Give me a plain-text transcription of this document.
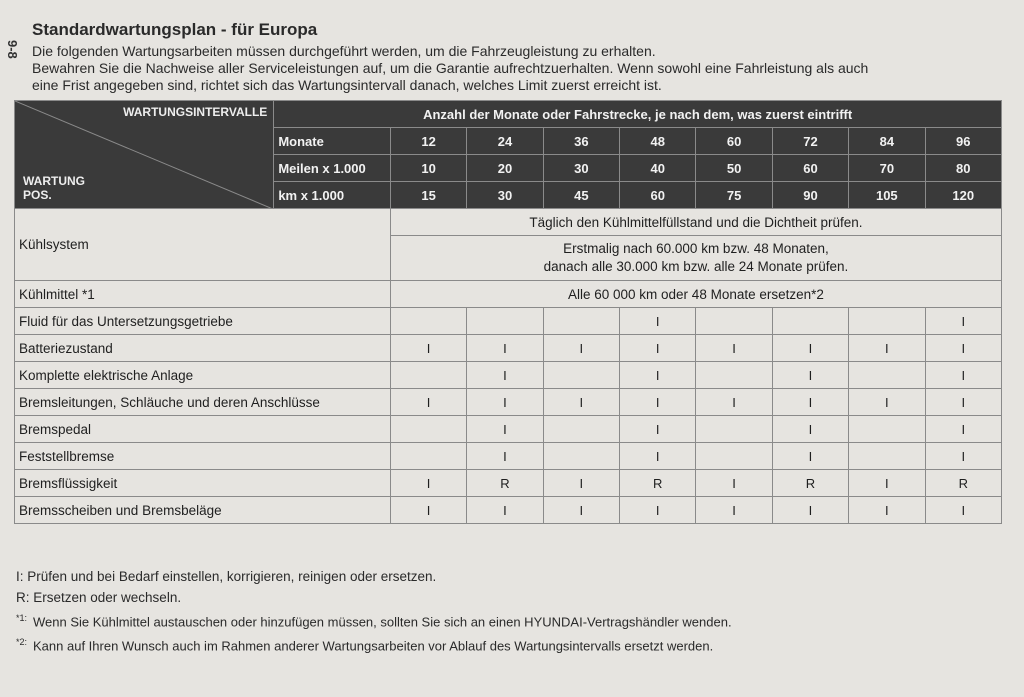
9-8
Standardwartungsplan - für Europa

Die folgenden Wartungsarbeiten müssen durchgeführt werden, um die Fahrzeugleistung zu erhalten.

Bewahren Sie die Nachweise aller Serviceleistungen auf, um die Garantie aufrechtzuerhalten. Wenn sowohl eine Fahrleistung als auch

eine Frist angegeben sind, richtet sich das Wartungsintervall danach, welches Limit zuerst erreicht ist.

WARTUNGSINTERVALLE
WARTUNG
POS.	Anzahl der Monate oder Fahrstrecke, je nach dem, was zuerst eintrifft								
	Monate	12	24	36	48	60	72	84	96
	Meilen x 1.000	10	20	30	40	50	60	70	80
	km x 1.000	15	30	45	60	75	90	105	120
Kühlsystem		Täglich den Kühlmittelfüllstand und die Dichtheit prüfen.							

		Erstmalig nach 60.000 km bzw. 48 Monaten,
danach alle 30.000 km bzw. alle 24 Monate prüfen.							

Kühlmittel *1		Alle 60 000 km oder 48 Monate ersetzen*2							
Fluid für das Untersetzungsgetriebe					I				I
Batteriezustand		I	I	I	I	I	I	I	I
Komplette elektrische Anlage			I		I		I		I
Bremsleitungen, Schläuche und deren Anschlüsse		I	I	I	I	I	I	I	I
Bremspedal			I		I		I		I
Feststellbremse			I		I		I		I
Bremsflüssigkeit		I	R	I	R	I	R	I	R
Bremsscheiben und Bremsbeläge		I	I	I	I	I	I	I	I
I: Prüfen und bei Bedarf einstellen, korrigieren, reinigen oder ersetzen.
R: Ersetzen oder wechseln.
$^{*1:}$ Wenn Sie Kühlmittel austauschen oder hinzufügen müssen, sollten Sie sich an einen HYUNDAI-Vertragshändler wenden.
$^{*2:}$ Kann auf Ihren Wunsch auch im Rahmen anderer Wartungsarbeiten vor Ablauf des Wartungsintervalls ersetzt werden.
